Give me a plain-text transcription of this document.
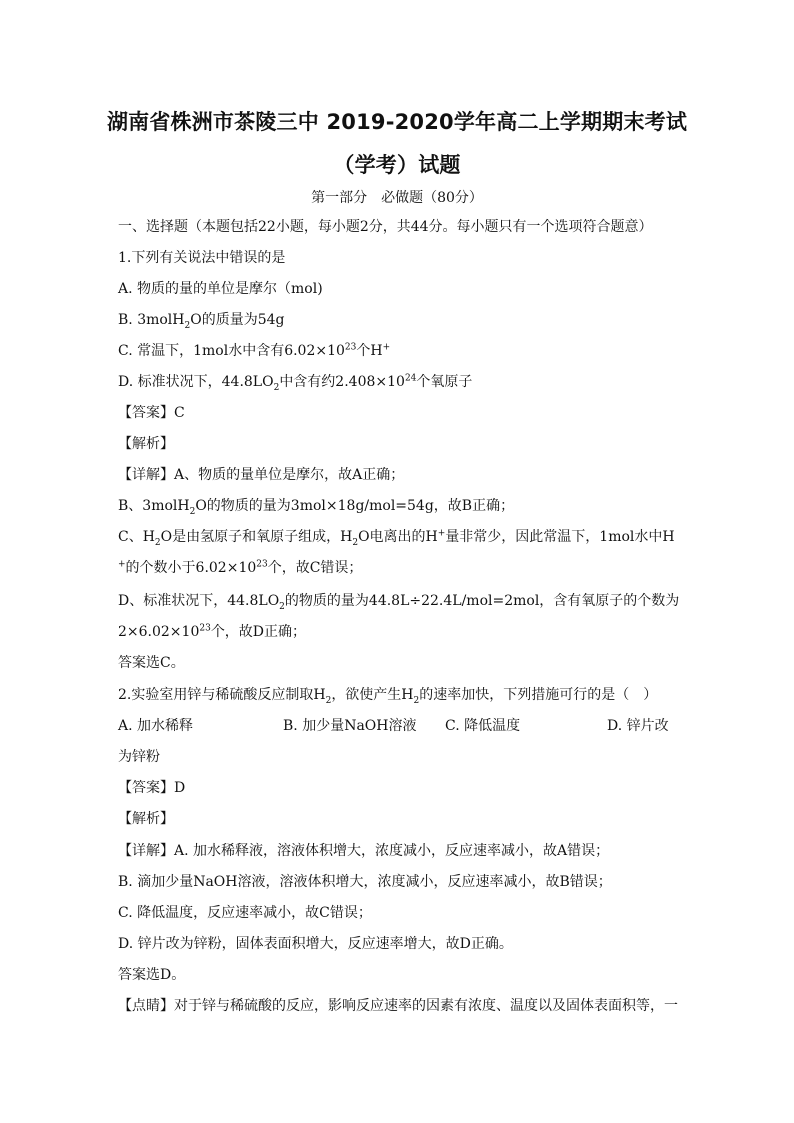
湖南省株洲市茶陵三中 2019-2020学年高二上学期期末考试
（学考）试题
第一部分　必做题（80分）
一、选择题（本题包括22小题，每小题2分，共44分。每小题只有一个选项符合题意）
1.下列有关说法中错误的是
A. 物质的量的单位是摩尔（mol)
B. 3molH$_2$O的质量为54g
C. 常温下，1mol水中含有$6.02\times 10^{23}$个H+
D. 标准状况下，$44.8LO_2$中含有约$2.408\times 10^{24}$个氧原子
【答案】C
【解析】
【详解】A、物质的量单位是摩尔，故A正确；
B、3molH$_2$O的物质的量为3mol×18g/mol=54g，故B正确；
C、$H_2O$是由氢原子和氧原子组成，$H_2O$电离出的H+量非常少，因此常温下，1mol水中H
+的个数小于$6.02\times 10^{23}$个，故C错误；
D、标准状况下，$44.8LO_2$的物质的量为44.8L÷22.4L/mol=2mol，含有氧原子的个数为
$2\times 6.02\times 10^{23}$个，故D正确；
答案选C。
2.实验室用锌与稀硫酸反应制取$H_2$，欲使产生$H_2$的速率加快，下列措施可行的是（　）
A. 加水稀释	B. 加少量NaOH溶液 C. 降低温度	D. 锌片改
为锌粉
【答案】D
【解析】
【详解】A. 加水稀释液，溶液体积增大，浓度减小，反应速率减小，故A错误；
B. 滴加少量NaOH溶液，溶液体积增大，浓度减小，反应速率减小，故B错误；
C. 降低温度，反应速率减小，故C错误；
D. 锌片改为锌粉，固体表面积增大，反应速率增大，故D正确。
答案选D。
【点睛】对于锌与稀硫酸的反应，影响反应速率的因素有浓度、温度以及固体表面积等，一
